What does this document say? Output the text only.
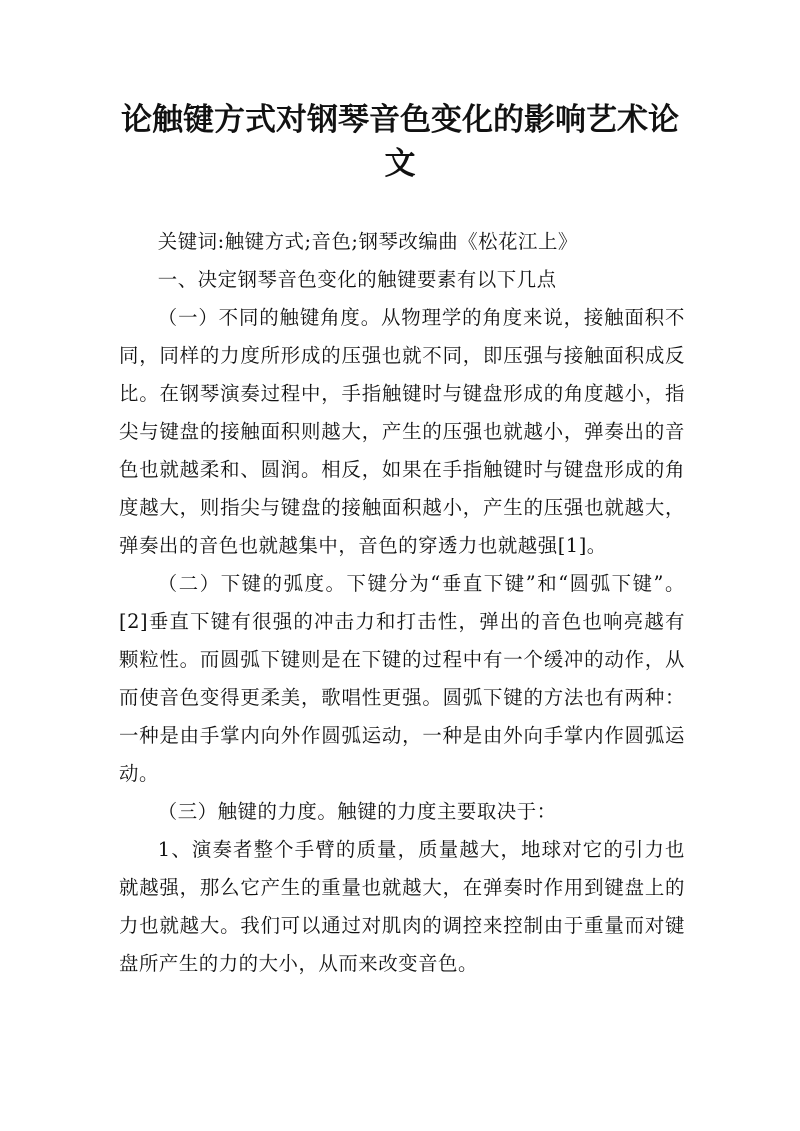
论触键方式对钢琴音色变化的影响艺术论文

关键词:触键方式;音色;钢琴改编曲《松花江上》

一、决定钢琴音色变化的触键要素有以下几点

（一）不同的触键角度。从物理学的角度来说，接触面积不同，同样的力度所形成的压强也就不同，即压强与接触面积成反比。在钢琴演奏过程中，手指触键时与键盘形成的角度越小，指尖与键盘的接触面积则越大，产生的压强也就越小，弹奏出的音色也就越柔和、圆润。相反，如果在手指触键时与键盘形成的角度越大，则指尖与键盘的接触面积越小，产生的压强也就越大，弹奏出的音色也就越集中，音色的穿透力也就越强[1]。

（二）下键的弧度。下键分为“垂直下键”和“圆弧下键”。[2]垂直下键有很强的冲击力和打击性，弹出的音色也响亮越有颗粒性。而圆弧下键则是在下键的过程中有一个缓冲的动作，从而使音色变得更柔美，歌唱性更强。圆弧下键的方法也有两种：一种是由手掌内向外作圆弧运动，一种是由外向手掌内作圆弧运动。

（三）触键的力度。触键的力度主要取决于：

1、演奏者整个手臂的质量，质量越大，地球对它的引力也就越强，那么它产生的重量也就越大，在弹奏时作用到键盘上的力也就越大。我们可以通过对肌肉的调控来控制由于重量而对键盘所产生的力的大小，从而来改变音色。
